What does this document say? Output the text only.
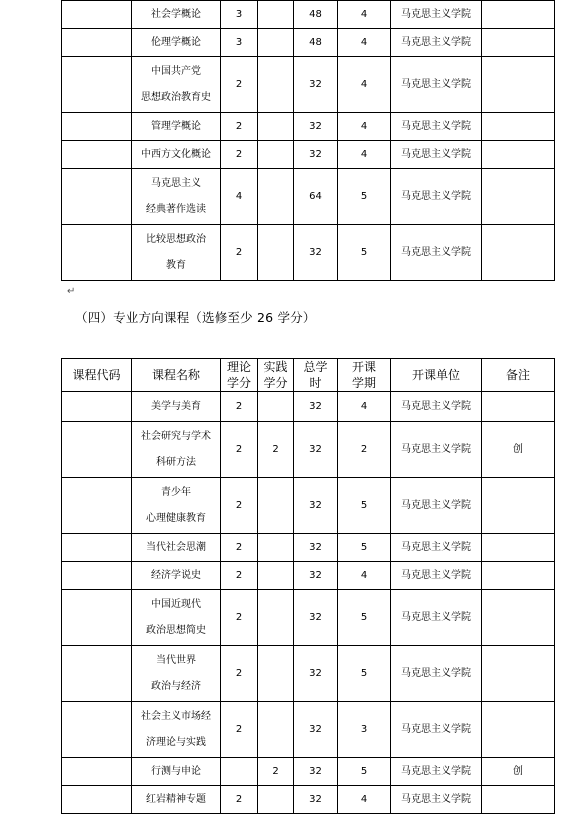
	社会学概论	3		48	4	马克思主义学院	

	伦理学概论	3		48	4	马克思主义学院	

	中国共产党
思想政治教育史	2		32	4	马克思主义学院	

	管理学概论	2		32	4	马克思主义学院	

	中西方文化概论	2		32	4	马克思主义学院	

	马克思主义
经典著作选读	4		64	5	马克思主义学院	

	比较思想政治
教育	2		32	5	马克思主义学院	
↵
（四）专业方向课程（选修至少 26 学分）
课程代码	课程名称	理论
学分	实践
学分	总学
时	开课
学期	开课单位	备注

	美学与美育	2		32	4	马克思主义学院	

	社会研究与学术
科研方法	2	2	32	2	马克思主义学院	创

	青少年
心理健康教育	2		32	5	马克思主义学院	

	当代社会思潮	2		32	5	马克思主义学院	

	经济学说史	2		32	4	马克思主义学院	

	中国近现代
政治思想简史	2		32	5	马克思主义学院	

	当代世界
政治与经济	2		32	5	马克思主义学院	

	社会主义市场经
济理论与实践	2		32	3	马克思主义学院	

	行测与申论		2	32	5	马克思主义学院	创

	红岩精神专题	2		32	4	马克思主义学院	
